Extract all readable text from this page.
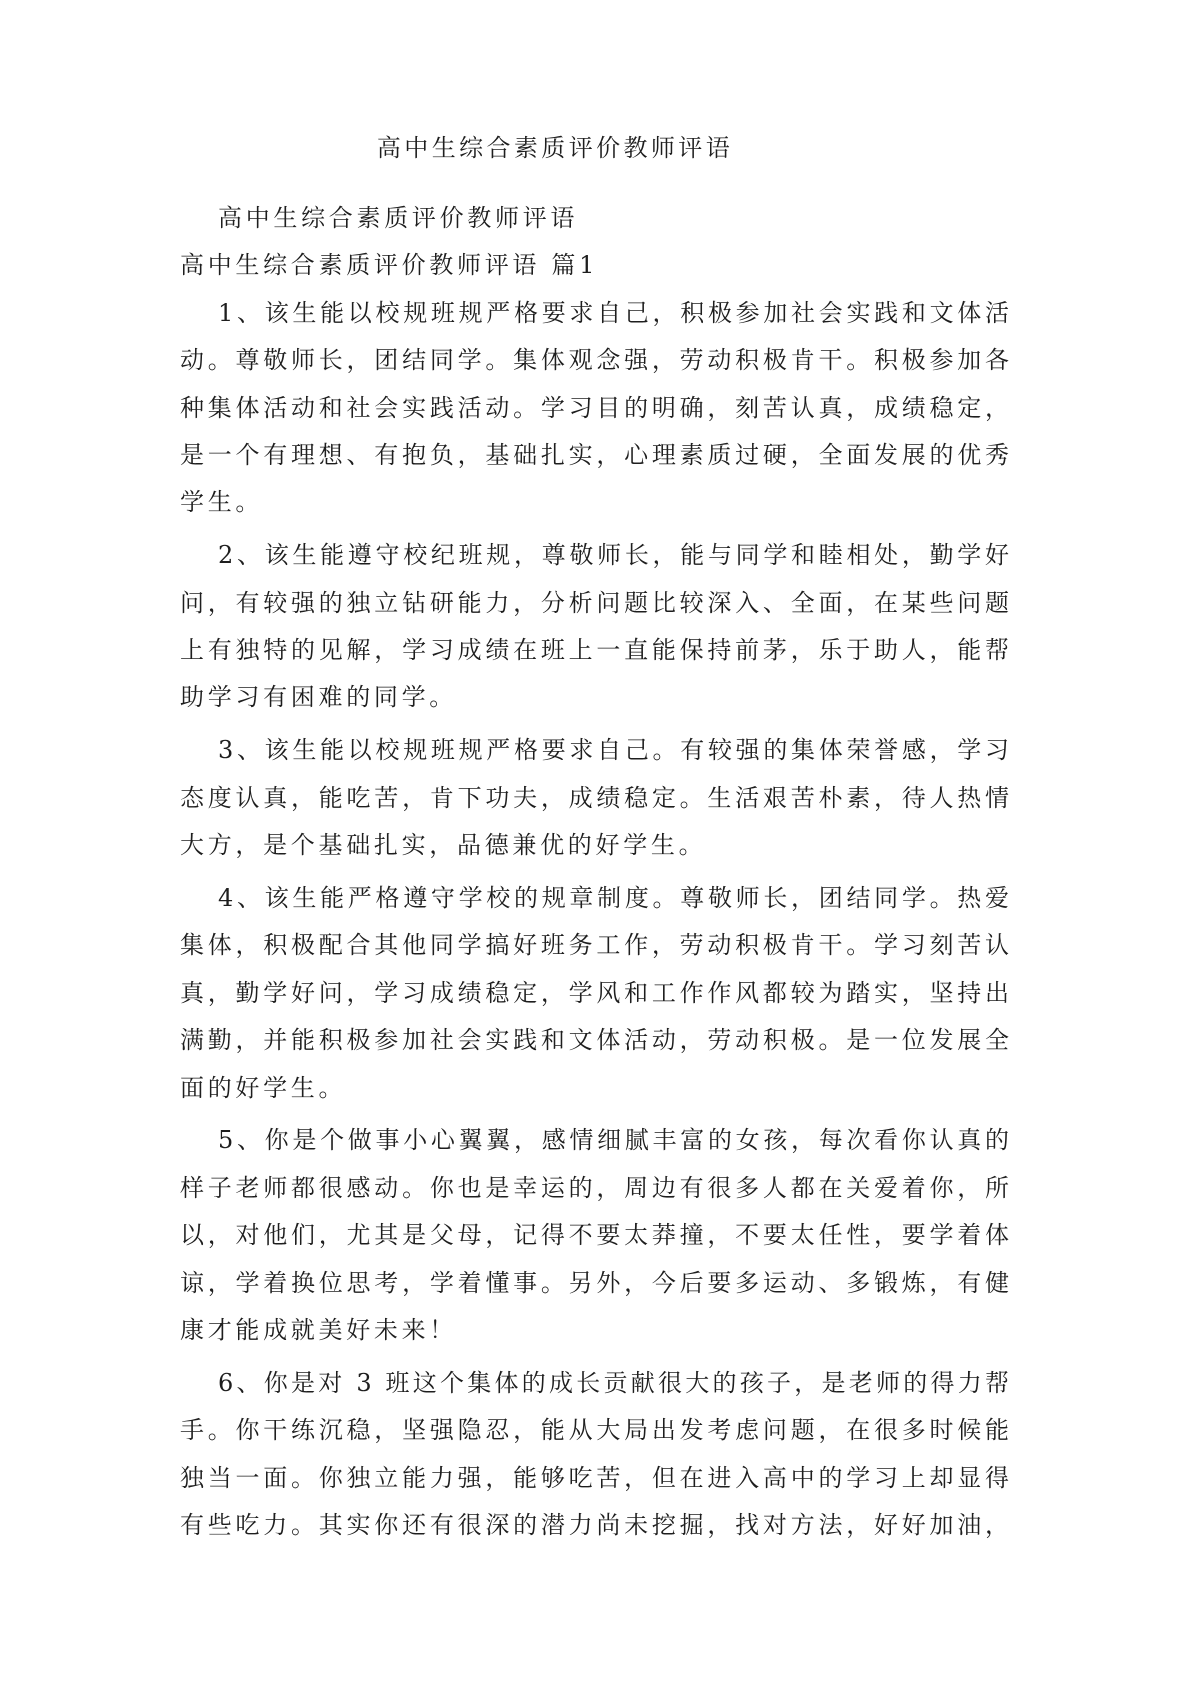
高中生综合素质评价教师评语
高中生综合素质评价教师评语
高中生综合素质评价教师评语 篇1
1、该生能以校规班规严格要求自己，积极参加社会实践和文体活
动。尊敬师长，团结同学。集体观念强，劳动积极肯干。积极参加各
种集体活动和社会实践活动。学习目的明确，刻苦认真，成绩稳定，
是一个有理想、有抱负，基础扎实，心理素质过硬，全面发展的优秀
学生。
2、该生能遵守校纪班规，尊敬师长，能与同学和睦相处，勤学好
问，有较强的独立钻研能力，分析问题比较深入、全面，在某些问题
上有独特的见解，学习成绩在班上一直能保持前茅，乐于助人，能帮
助学习有困难的同学。
3、该生能以校规班规严格要求自己。有较强的集体荣誉感，学习
态度认真，能吃苦，肯下功夫，成绩稳定。生活艰苦朴素，待人热情
大方，是个基础扎实，品德兼优的好学生。
4、该生能严格遵守学校的规章制度。尊敬师长，团结同学。热爱
集体，积极配合其他同学搞好班务工作，劳动积极肯干。学习刻苦认
真，勤学好问，学习成绩稳定，学风和工作作风都较为踏实，坚持出
满勤，并能积极参加社会实践和文体活动，劳动积极。是一位发展全
面的好学生。
5、你是个做事小心翼翼，感情细腻丰富的女孩，每次看你认真的
样子老师都很感动。你也是幸运的，周边有很多人都在关爱着你，所
以，对他们，尤其是父母，记得不要太莽撞，不要太任性，要学着体
谅，学着换位思考，学着懂事。另外，今后要多运动、多锻炼，有健
康才能成就美好未来！
6、你是对 3 班这个集体的成长贡献很大的孩子，是老师的得力帮
手。你干练沉稳，坚强隐忍，能从大局出发考虑问题，在很多时候能
独当一面。你独立能力强，能够吃苦，但在进入高中的学习上却显得
有些吃力。其实你还有很深的潜力尚未挖掘，找对方法，好好加油，
